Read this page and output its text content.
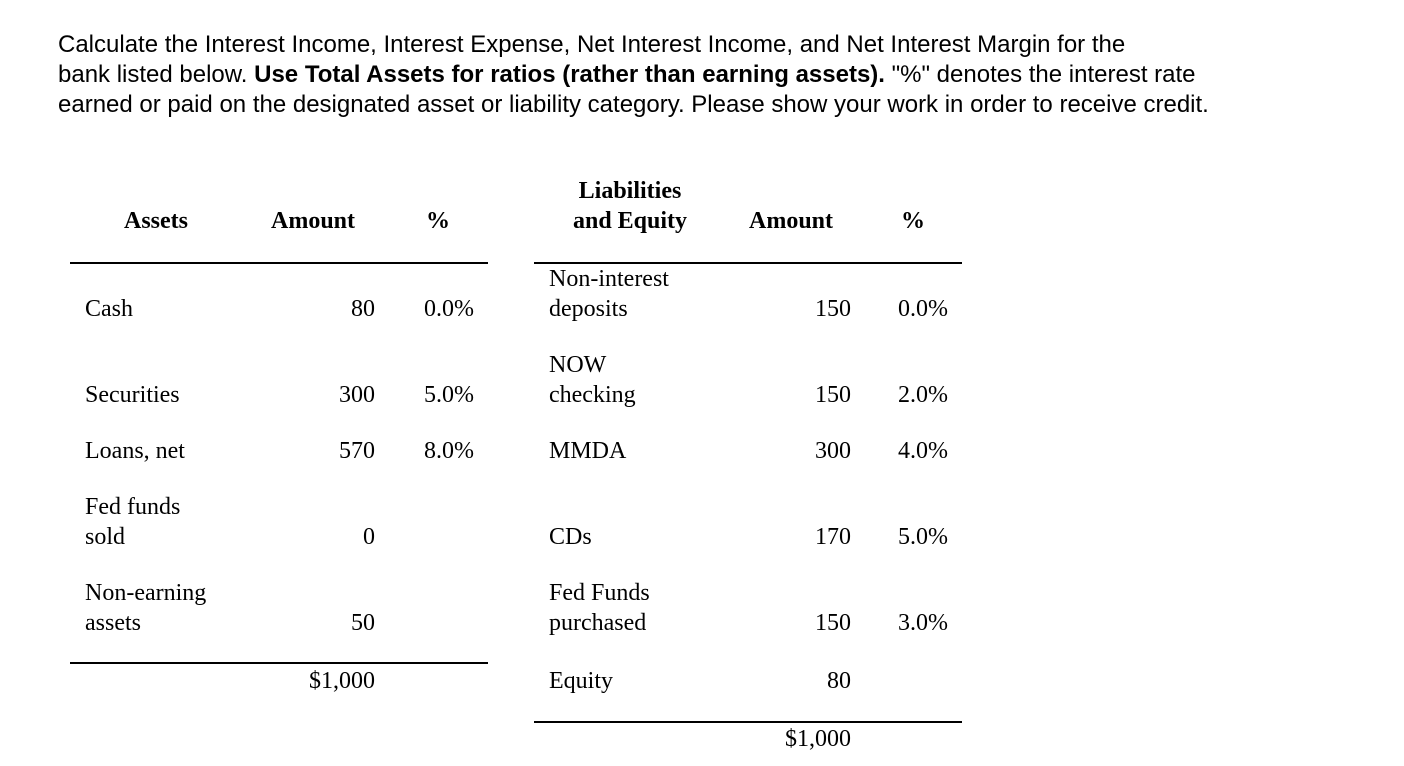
Calculate the Interest Income, Interest Expense, Net Interest Income, and Net Interest Margin for the
bank listed below. Use Total Assets for ratios (rather than earning assets). "%" denotes the interest rate
earned or paid on the designated asset or liability category. Please show your work in order to receive credit.

Assets	Amount	%
Cash	80	0.0%
Securities	300	5.0%
Loans, net	570	8.0%
Fed funds
sold	0
Non-earning
assets	50
$1,000
Liabilities
and Equity	Amount	%
Non-interest
deposits	150	0.0%
NOW
checking	150	2.0%
MMDA	300	4.0%
CDs	170	5.0%
Fed Funds
purchased	150	3.0%
Equity	80
$1,000
